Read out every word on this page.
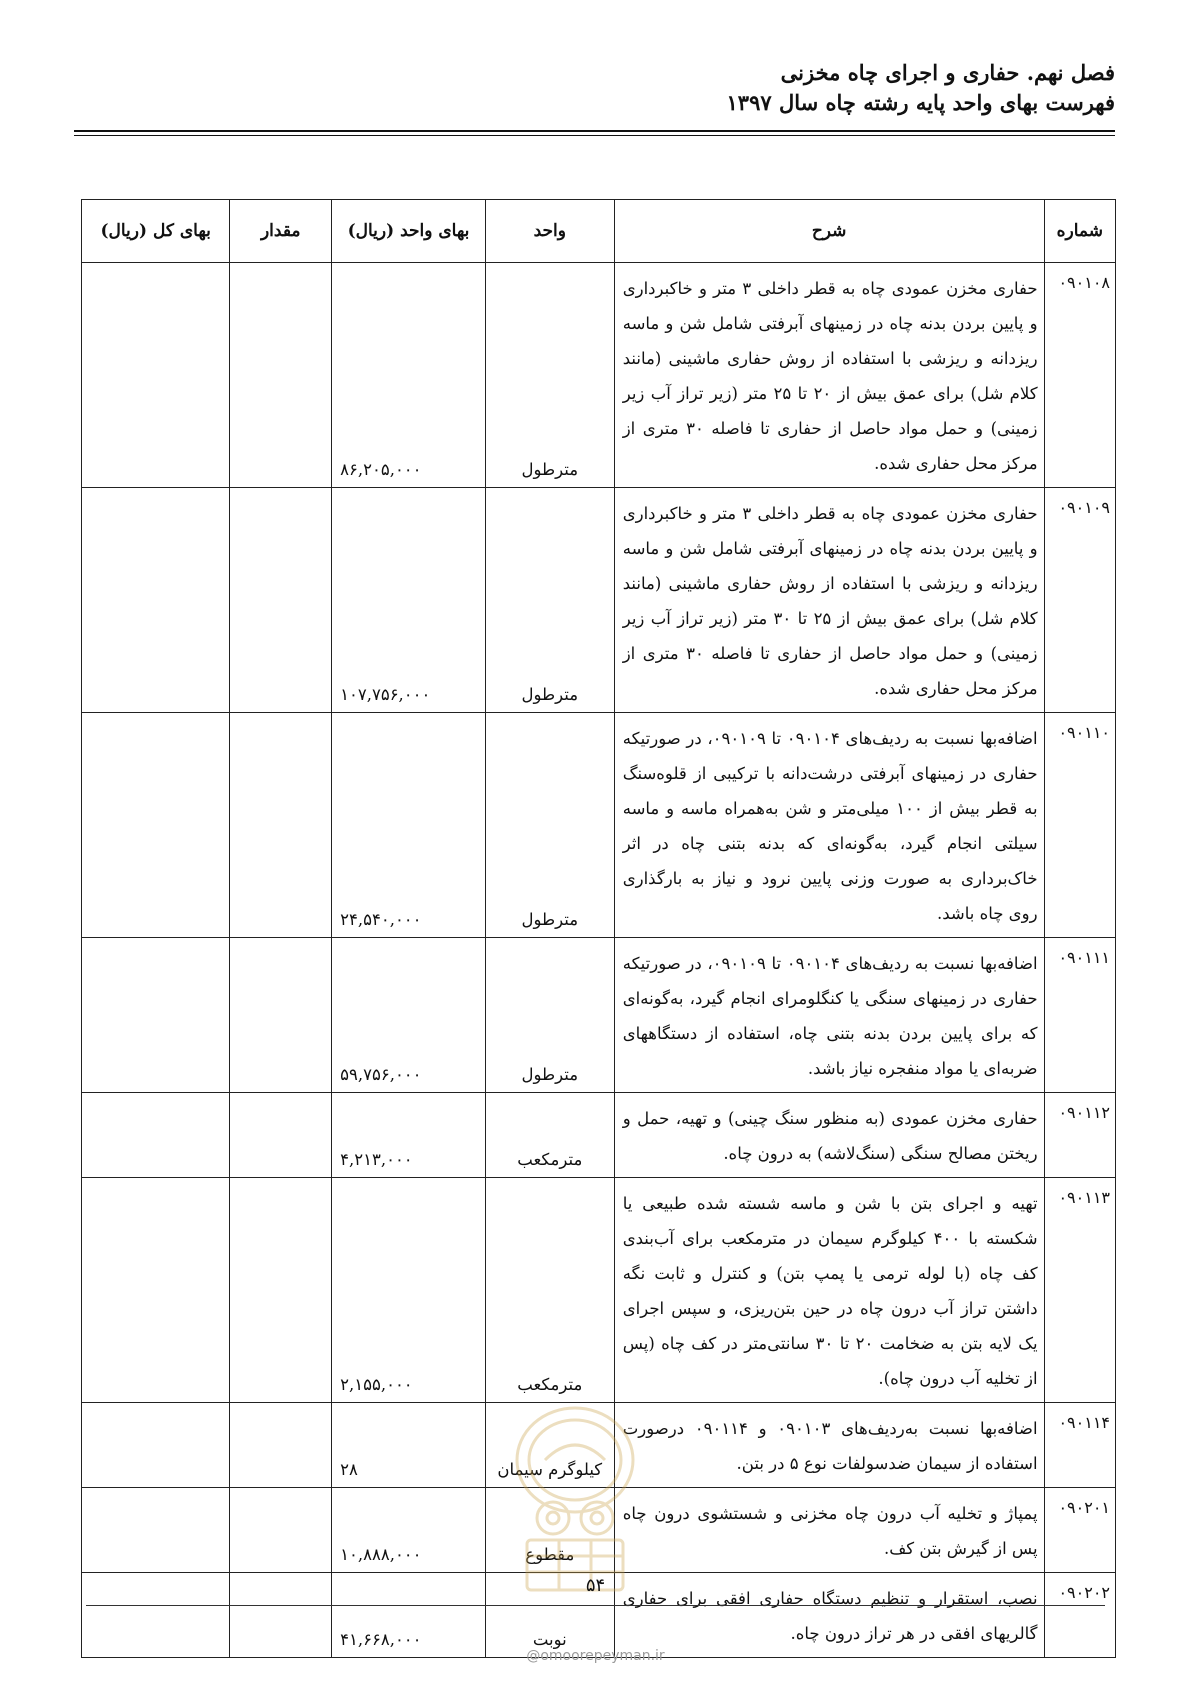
فصل نهم. حفاری و اجرای چاه مخزنی
فهرست بهای واحد پایه رشته چاه سال ۱۳۹۷
شماره	شرح	واحد	بهای واحد (ریال)	مقدار	بهای کل (ریال)
۰۹۰۱۰۸	حفاری مخزن عمودی چاه به قطر داخلی ۳ متر و خاکبرداری و پایین بردن بدنه چاه در زمینهای آبرفتی شامل شن و ماسه ریزدانه و ریزشی با استفاده از روش حفاری ماشینی (مانند کلام شل) برای عمق بیش از ۲۰ تا ۲۵ متر (زیر تراز آب زیر زمینی) و حمل مواد حاصل از حفاری تا فاصله ۳۰ متری از مرکز محل حفاری شده.	مترطول	۸۶,۲۰۵,۰۰۰		
۰۹۰۱۰۹	حفاری مخزن عمودی چاه به قطر داخلی ۳ متر و خاکبرداری و پایین بردن بدنه چاه در زمینهای آبرفتی شامل شن و ماسه ریزدانه و ریزشی با استفاده از روش حفاری ماشینی (مانند کلام شل) برای عمق بیش از ۲۵ تا ۳۰ متر (زیر تراز آب زیر زمینی) و حمل مواد حاصل از حفاری تا فاصله ۳۰ متری از مرکز محل حفاری شده.	مترطول	۱۰۷,۷۵۶,۰۰۰		
۰۹۰۱۱۰	اضافه‌بها نسبت به ردیف‌های ۰۹۰۱۰۴ تا ۰۹۰۱۰۹، در صورتیکه حفاری در زمینهای آبرفتی درشت‌دانه با ترکیبی از قلوه‌سنگ به قطر بیش از ۱۰۰ میلی‌متر و شن به‌همراه ماسه و ماسه سیلتی انجام گیرد، به‌گونه‌ای که بدنه بتنی چاه در اثر خاک‌برداری به صورت وزنی پایین نرود و نیاز به بارگذاری روی چاه باشد.	مترطول	۲۴,۵۴۰,۰۰۰		
۰۹۰۱۱۱	اضافه‌بها نسبت به ردیف‌های ۰۹۰۱۰۴ تا ۰۹۰۱۰۹، در صورتیکه حفاری در زمینهای سنگی یا کنگلومرای انجام گیرد، به‌گونه‌ای که برای پایین بردن بدنه بتنی چاه، استفاده از دستگاههای ضربه‌ای یا مواد منفجره نیاز باشد.	مترطول	۵۹,۷۵۶,۰۰۰		
۰۹۰۱۱۲	حفاری مخزن عمودی (به منظور سنگ چینی) و تهیه، حمل و ریختن مصالح سنگی (سنگ‌لاشه) به درون چاه.	مترمکعب	۴,۲۱۳,۰۰۰		
۰۹۰۱۱۳	تهیه و اجرای بتن با شن و ماسه شسته شده طبیعی یا شکسته با ۴۰۰ کیلوگرم سیمان در مترمکعب برای آب‌بندی کف چاه (با لوله ترمی یا پمپ بتن) و کنترل و ثابت نگه داشتن تراز آب درون چاه در حین بتن‌ریزی، و سپس اجرای یک لایه بتن به ضخامت ۲۰ تا ۳۰ سانتی‌متر در کف چاه (پس از تخلیه آب درون چاه).	مترمکعب	۲,۱۵۵,۰۰۰		
۰۹۰۱۱۴	اضافه‌بها نسبت به‌ردیف‌های ۰۹۰۱۰۳ و ۰۹۰۱۱۴ درصورت استفاده از سیمان ضدسولفات نوع ۵ در بتن.	کیلوگرم سیمان	۲۸		
۰۹۰۲۰۱	پمپاژ و تخلیه آب درون چاه مخزنی و شستشوی درون چاه پس از گیرش بتن کف.	مقطوع	۱۰,۸۸۸,۰۰۰		
۰۹۰۲۰۲	نصب، استقرار و تنظیم دستگاه حفاری افقی برای حفاری گالریهای افقی در هر تراز درون چاه.	نوبت	۴۱,۶۶۸,۰۰۰		
۵۴
@omoorepeyman.ir
